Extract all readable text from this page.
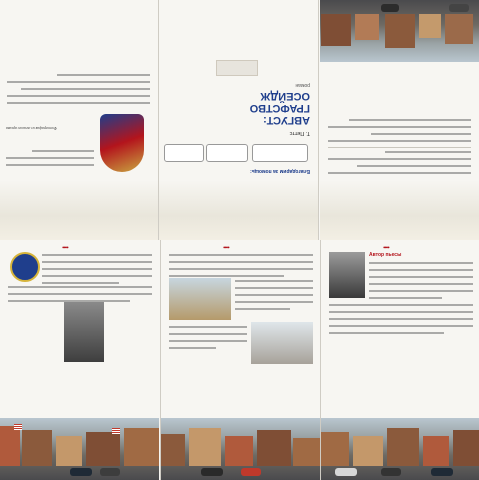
Благодарим за помощь:
Т. Петтс
АВГУСТ:
ГРАФСТВО
ОСЕЙДЖ
роман
Фотография из личного архива
••••	••••	••••
Автор пьесы
